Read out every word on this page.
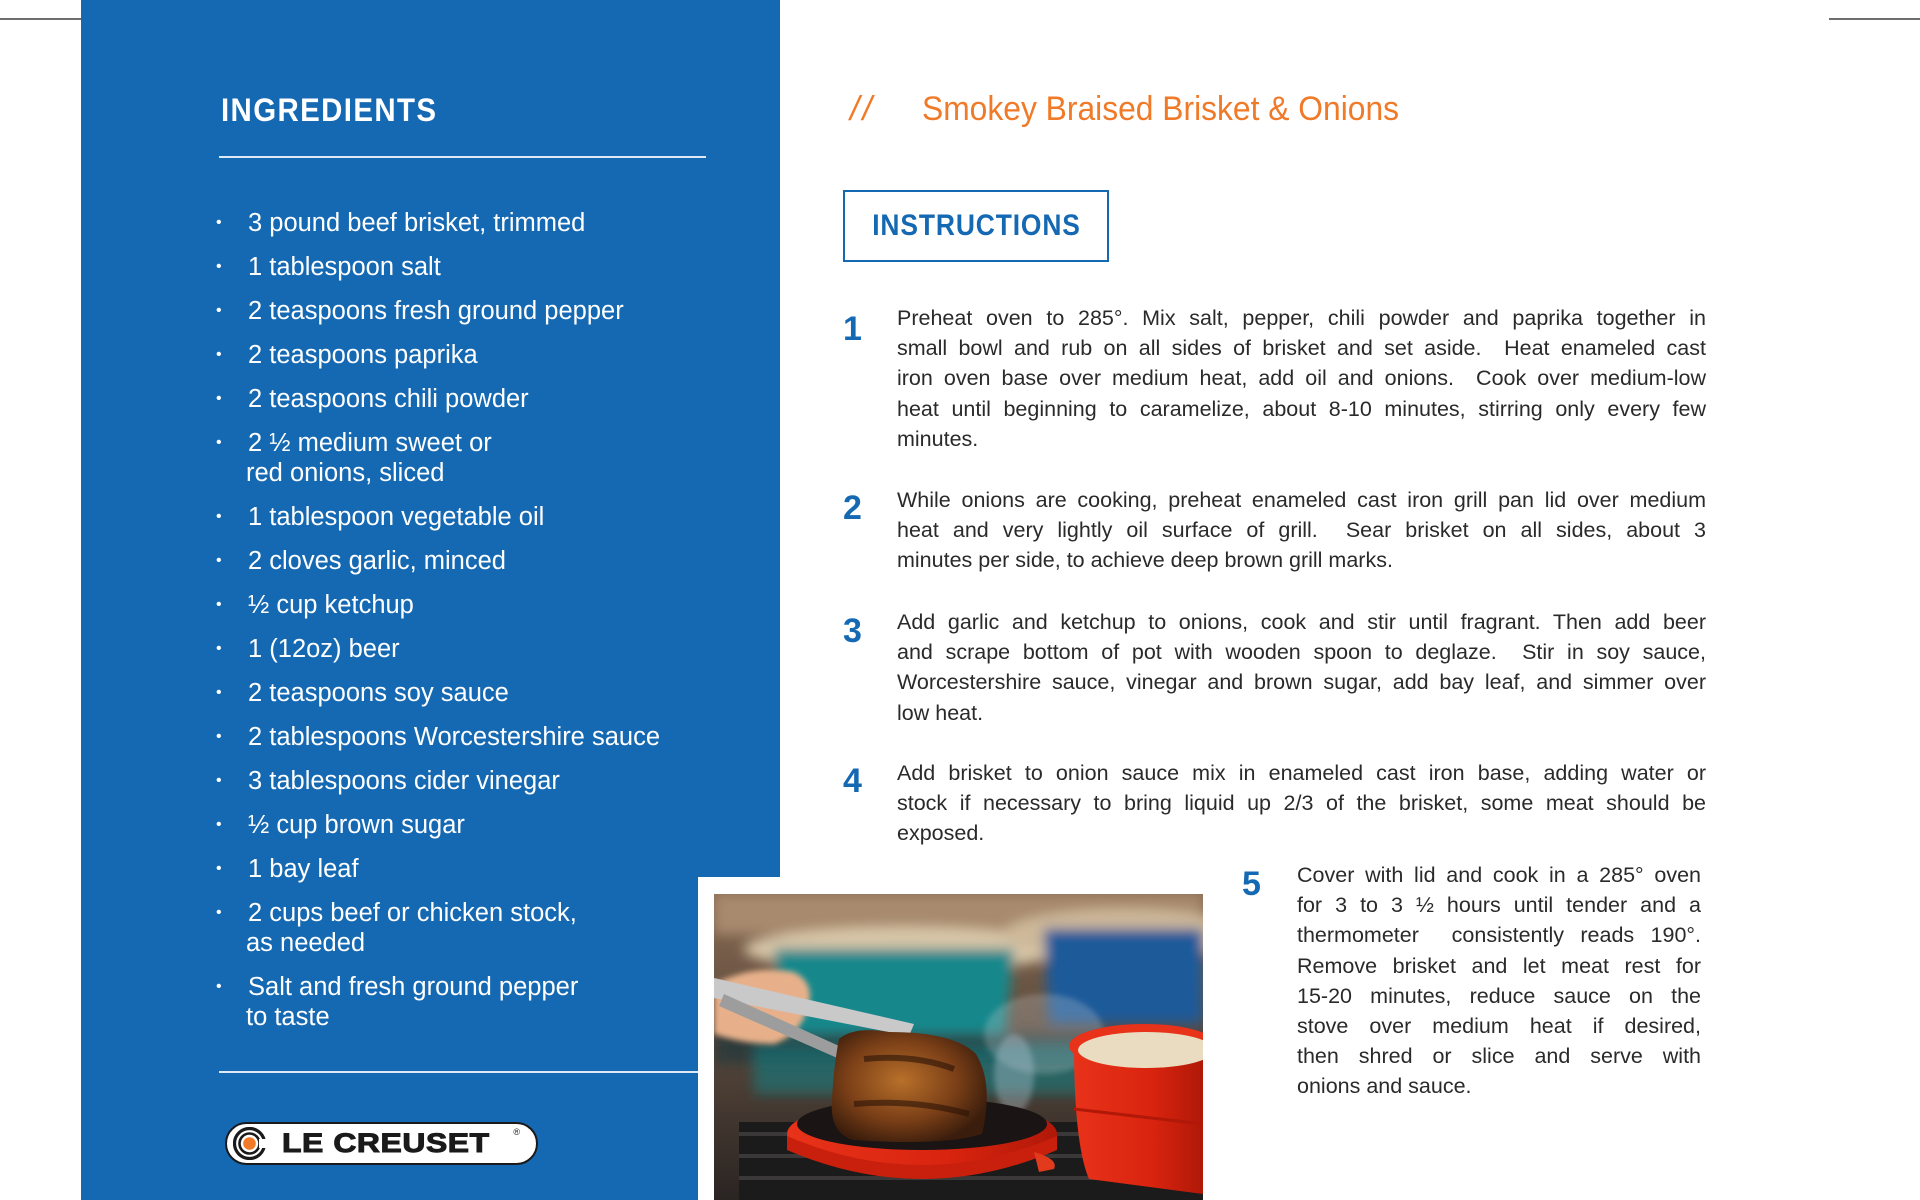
INGREDIENTS
• 3 pound beef brisket, trimmed
• 1 tablespoon salt
• 2 teaspoons fresh ground pepper
• 2 teaspoons paprika
• 2 teaspoons chili powder
• 2 ½ medium sweet or
red onions, sliced
• 1 tablespoon vegetable oil
• 2 cloves garlic, minced
• ½ cup ketchup
• 1 (12oz) beer
• 2 teaspoons soy sauce
• 2 tablespoons Worcestershire sauce
• 3 tablespoons cider vinegar
• ½ cup brown sugar
• 1 bay leaf
• 2 cups beef or chicken stock,
as needed
• Salt and fresh ground pepper
to taste
LE CREUSET	®
// Smokey Braised Brisket & Onions
INSTRUCTIONS
1 Preheat oven to 285°. Mix salt, pepper, chili powder and paprika together in
small bowl and rub on all sides of brisket and set aside.  Heat enameled cast
iron oven base over medium heat, add oil and onions.  Cook over medium-low
heat until beginning to caramelize, about 8-10 minutes, stirring only every few
minutes.
2 While onions are cooking, preheat enameled cast iron grill pan lid over medium
heat and very lightly oil surface of grill.  Sear brisket on all sides, about 3
minutes per side, to achieve deep brown grill marks.
3 Add garlic and ketchup to onions, cook and stir until fragrant. Then add beer
and scrape bottom of pot with wooden spoon to deglaze.  Stir in soy sauce,
Worcestershire sauce, vinegar and brown sugar, add bay leaf, and simmer over
low heat.
4 Add brisket to onion sauce mix in enameled cast iron base, adding water or
stock if necessary to bring liquid up 2/3 of the brisket, some meat should be
exposed.
5 Cover with lid and cook in a 285° oven
for 3 to 3 ½ hours until tender and a
thermometer  consistently reads 190°.
Remove brisket and let meat rest for
15-20 minutes, reduce sauce on the
stove over medium heat if desired,
then shred or slice and serve with
onions and sauce.
